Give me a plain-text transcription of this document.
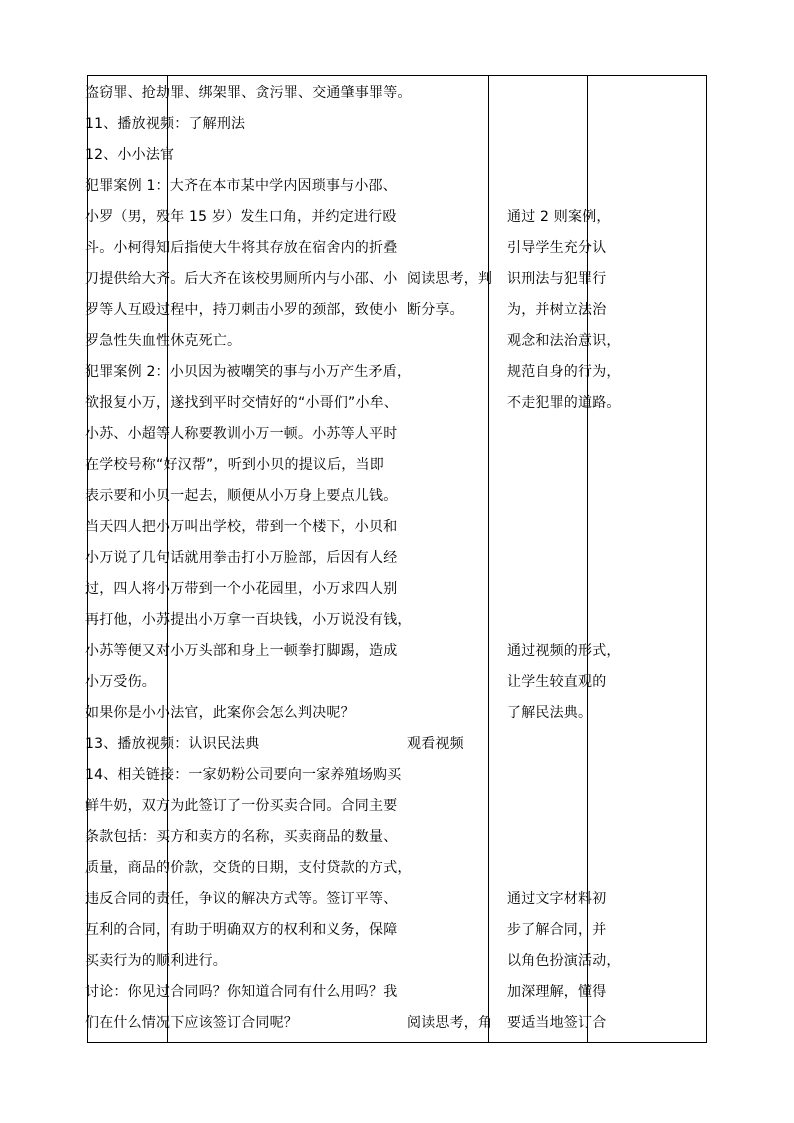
盗窃罪、抢劫罪、绑架罪、贪污罪、交通肇事罪等。
11、播放视频：了解刑法
12、小小法官
犯罪案例 1：大齐在本市某中学内因琐事与小邵、
小罗（男，殁年 15 岁）发生口角，并约定进行殴
斗。小柯得知后指使大牛将其存放在宿舍内的折叠
刀提供给大齐。后大齐在该校男厕所内与小邵、小
罗等人互殴过程中，持刀刺击小罗的颈部，致使小
罗急性失血性休克死亡。
犯罪案例 2：小贝因为被嘲笑的事与小万产生矛盾，
欲报复小万，遂找到平时交情好的“小哥们”小牟、
小苏、小超等人称要教训小万一顿。小苏等人平时
在学校号称“好汉帮”，听到小贝的提议后，当即
表示要和小贝一起去，顺便从小万身上要点儿钱。
当天四人把小万叫出学校，带到一个楼下，小贝和
小万说了几句话就用拳击打小万脸部，后因有人经
过，四人将小万带到一个小花园里，小万求四人别
再打他，小苏提出小万拿一百块钱，小万说没有钱，
小苏等便又对小万头部和身上一顿拳打脚踢，造成
小万受伤。
如果你是小小法官，此案你会怎么判决呢？
13、播放视频：认识民法典
14、相关链接：一家奶粉公司要向一家养殖场购买
鲜牛奶，双方为此签订了一份买卖合同。合同主要
条款包括：买方和卖方的名称，买卖商品的数量、
质量，商品的价款，交货的日期，支付贷款的方式，
违反合同的责任，争议的解决方式等。签订平等、
互利的合同，有助于明确双方的权利和义务，保障
买卖行为的顺利进行。
讨论：你见过合同吗？你知道合同有什么用吗？我
们在什么情况下应该签订合同呢？
阅读思考，判
断分享。
观看视频
阅读思考，角
通过 2 则案例，
引导学生充分认
识刑法与犯罪行
为，并树立法治
观念和法治意识，
规范自身的行为，
不走犯罪的道路。
通过视频的形式，
让学生较直观的
了解民法典。
通过文字材料初
步了解合同，并
以角色扮演活动，
加深理解，懂得
要适当地签订合
